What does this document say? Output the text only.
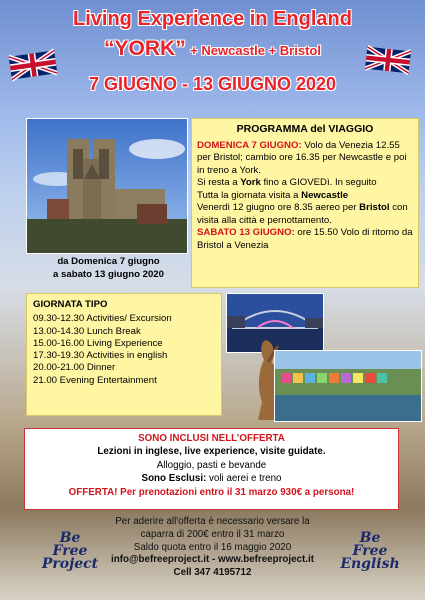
Living Experience in England
“YORK” + Newcastle + Bristol
7 GIUGNO - 13 GIUGNO 2020
da Domenica 7 giugno
a sabato 13 giugno 2020
PROGRAMMA del VIAGGIO
DOMENICA 7 GIUGNO: Volo da Venezia 12.55 per Bristol; cambio ore 16.35 per Newcastle e poi in treno a York.
Si resta a York fino a GIOVEDì. In seguito
Tutta la giornata visita a Newcastle
Venerdì 12 giugno ore 8.35 aereo per Bristol con visita alla città e pernottamento.
SABATO 13 GIUGNO: ore 15.50 Volo di ritorno da Bristol a Venezia
GIORNATA TIPO
09.30-12.30 Activities/ Excursion
13.00-14.30 Lunch Break
15.00-16.00 Living Experience
17.30-19.30 Activities in english
20.00-21.00 Dinner
21.00 Evening Entertainment
SONO INCLUSI NELL’OFFERTA
Lezioni in inglese, live experience, visite guidate.
Alloggio, pasti e bevande
Sono Esclusi: voli aerei e treno
OFFERTA! Per prenotazioni entro il 31 marzo 930€ a persona!
Per aderire all'offerta è necessario versare la
caparra di 200€ entro il 31 marzo
Saldo quota entro il 16 maggio 2020
info@befreeproject.it - www.befreeproject.it
Cell 347 4195712
Be
Free
Project
Be
Free
English
